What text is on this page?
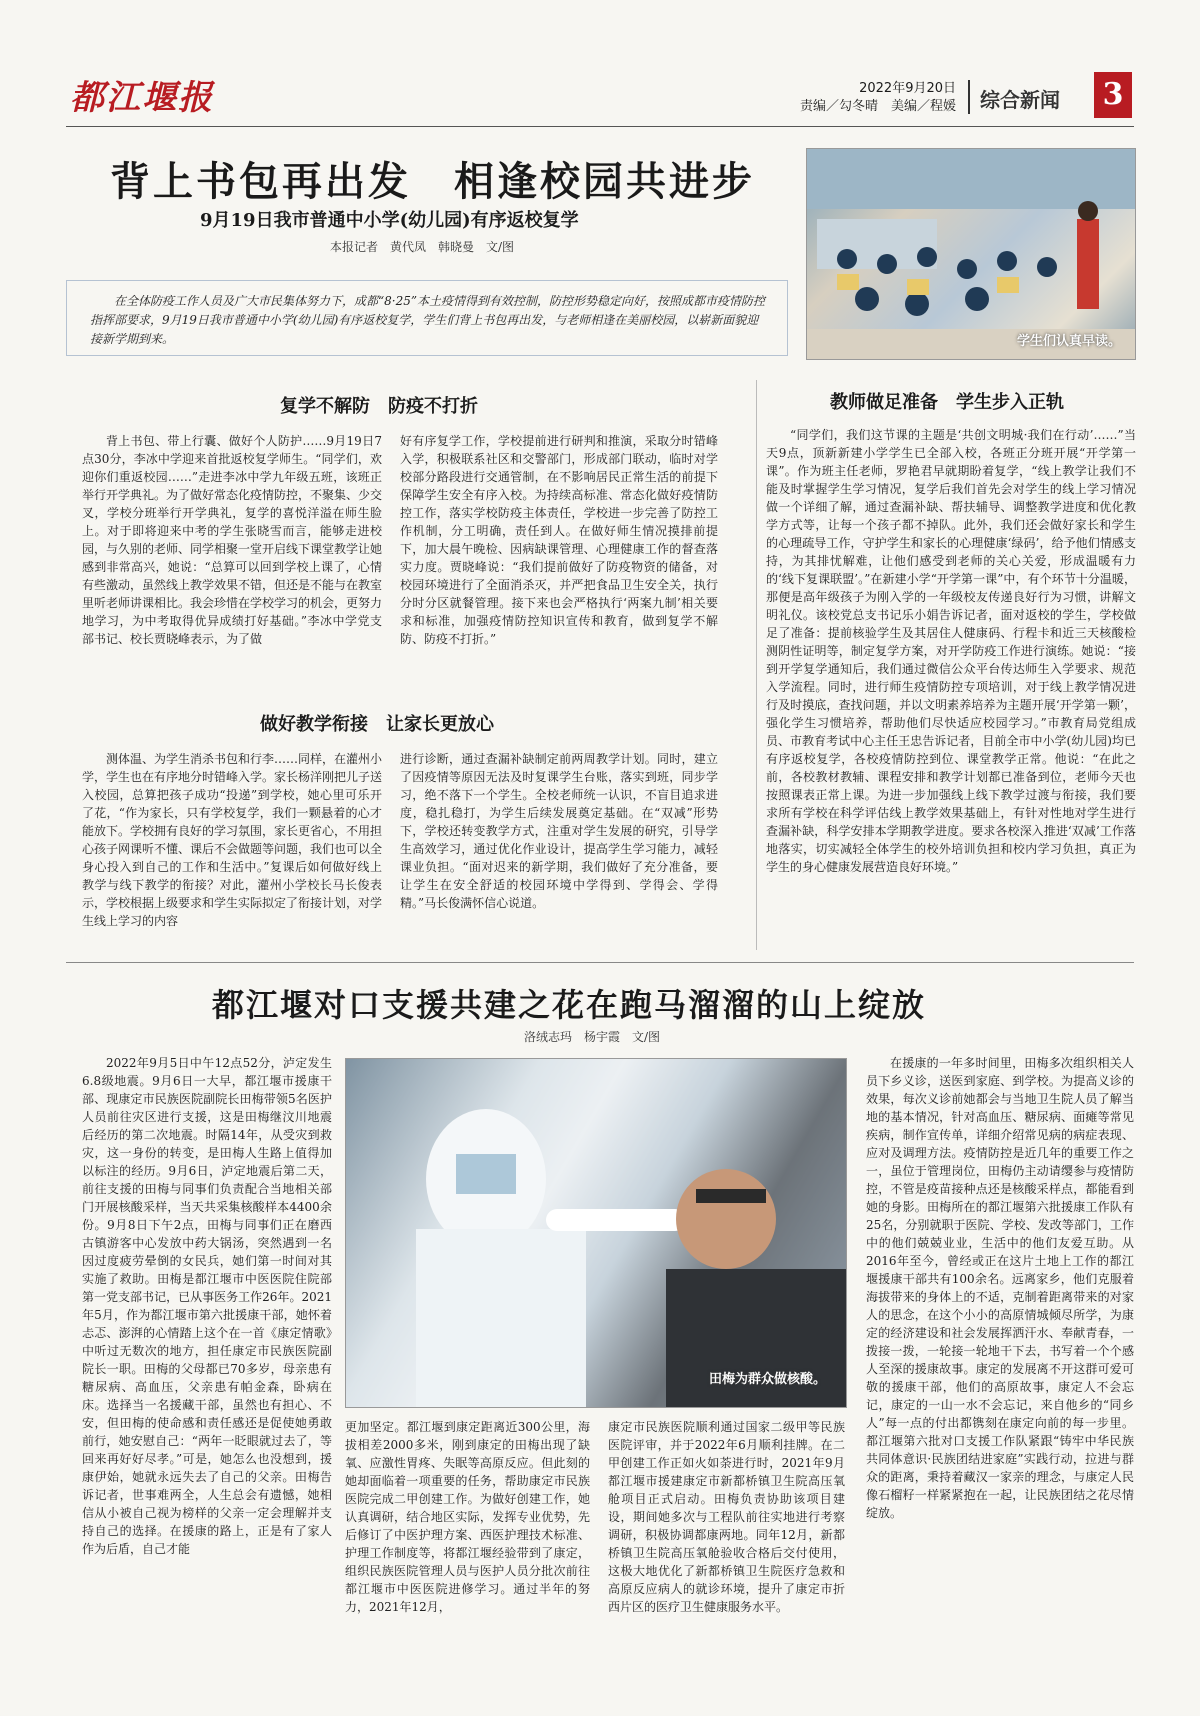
都江堰报	2022年9月20日
责编／勾冬晴　美编／程媛 综合新闻 3
背上书包再出发　相逢校园共进步
9月19日我市普通中小学(幼儿园)有序返校复学
本报记者　黄代凤　韩晓曼　文/图
在全体防疫工作人员及广大市民集体努力下，成都“8·25”本土疫情得到有效控制，防控形势稳定向好，按照成都市疫情防控指挥部要求，9月19日我市普通中小学(幼儿园)有序返校复学，学生们背上书包再出发，与老师相逢在美丽校园，以崭新面貌迎接新学期到来。	学生们认真早读。
复学不解防　防疫不打折

背上书包、带上行囊、做好个人防护……9月19日7点30分，李冰中学迎来首批返校复学师生。“同学们，欢迎你们重返校园……”走进李冰中学九年级五班，该班正举行开学典礼。为了做好常态化疫情防控，不聚集、少交叉，学校分班举行开学典礼，复学的喜悦洋溢在师生脸上。对于即将迎来中考的学生张晓雪而言，能够走进校园，与久别的老师、同学相聚一堂开启线下课堂教学让她感到非常高兴，她说：“总算可以回到学校上课了，心情有些激动，虽然线上教学效果不错，但还是不能与在教室里听老师讲课相比。我会珍惜在学校学习的机会，更努力地学习，为中考取得优异成绩打好基础。”李冰中学党支部书记、校长贾晓峰表示，为了做

好有序复学工作，学校提前进行研判和推演，采取分时错峰入学，积极联系社区和交警部门，形成部门联动，临时对学校部分路段进行交通管制，在不影响居民正常生活的前提下保障学生安全有序入校。为持续高标准、常态化做好疫情防控工作，落实学校防疫主体责任，学校进一步完善了防控工作机制，分工明确，责任到人。在做好师生情况摸排前提下，加大晨午晚检、因病缺课管理、心理健康工作的督查落实力度。贾晓峰说：“我们提前做好了防疫物资的储备，对校园环境进行了全面消杀灭，并严把食品卫生安全关，执行分时分区就餐管理。接下来也会严格执行‘两案九制’相关要求和标准，加强疫情防控知识宣传和教育，做到复学不解防、防疫不打折。”

做好教学衔接　让家长更放心

测体温、为学生消杀书包和行李……同样，在灌州小学，学生也在有序地分时错峰入学。家长杨洋刚把儿子送入校园，总算把孩子成功“投递”到学校，她心里可乐开了花，“作为家长，只有学校复学，我们一颗悬着的心才能放下。学校拥有良好的学习氛围，家长更省心，不用担心孩子网课听不懂、课后不会做题等问题，我们也可以全身心投入到自己的工作和生活中。”复课后如何做好线上教学与线下教学的衔接？对此，灌州小学校长马长俊表示，学校根据上级要求和学生实际拟定了衔接计划，对学生线上学习的内容

进行诊断，通过查漏补缺制定前两周教学计划。同时，建立了因疫情等原因无法及时复课学生台账，落实到班，同步学习，绝不落下一个学生。全校老师统一认识，不盲目追求进度，稳扎稳打，为学生后续发展奠定基础。在“双减”形势下，学校还转变教学方式，注重对学生发展的研究，引导学生高效学习，通过优化作业设计，提高学生学习能力，减轻课业负担。“面对迟来的新学期，我们做好了充分准备，要让学生在安全舒适的校园环境中学得到、学得会、学得精。”马长俊满怀信心说道。

教师做足准备　学生步入正轨

“同学们，我们这节课的主题是‘共创文明城·我们在行动’……”当天9点，顶新新建小学学生已全部入校，各班正分班开展“开学第一课”。作为班主任老师，罗艳君早就期盼着复学，“线上教学让我们不能及时掌握学生学习情况，复学后我们首先会对学生的线上学习情况做一个详细了解，通过查漏补缺、帮扶辅导、调整教学进度和优化教学方式等，让每一个孩子都不掉队。此外，我们还会做好家长和学生的心理疏导工作，守护学生和家长的心理健康‘绿码’，给予他们情感支持，为其排忧解难，让他们感受到老师的关心关爱，形成温暖有力的‘线下复课联盟’。”在新建小学“开学第一课”中，有个环节十分温暖，那便是高年级孩子为刚入学的一年级校友传递良好行为习惯，讲解文明礼仪。该校党总支书记乐小娟告诉记者，面对返校的学生，学校做足了准备：提前核验学生及其居住人健康码、行程卡和近三天核酸检测阴性证明等，制定复学方案，对开学防疫工作进行演练。她说：“接到开学复学通知后，我们通过微信公众平台传达师生入学要求、规范入学流程。同时，进行师生疫情防控专项培训，对于线上教学情况进行及时摸底，查找问题，并以文明素养培养为主题开展‘开学第一颗’，强化学生习惯培养，帮助他们尽快适应校园学习。”市教育局党组成员、市教育考试中心主任王忠告诉记者，目前全市中小学(幼儿园)均已有序返校复学，各校疫情防控到位、课堂教学正常。他说：“在此之前，各校教材教辅、课程安排和教学计划都已准备到位，老师今天也按照课表正常上课。为进一步加强线上线下教学过渡与衔接，我们要求所有学校在科学评估线上教学效果基础上，有针对性地对学生进行查漏补缺，科学安排本学期教学进度。要求各校深入推进‘双减’工作落地落实，切实减轻全体学生的校外培训负担和校内学习负担，真正为学生的身心健康发展营造良好环境。”

都江堰对口支援共建之花在跑马溜溜的山上绽放
洛绒志玛　杨宇霞　文/图

2022年9月5日中午12点52分，泸定发生6.8级地震。9月6日一大早，都江堰市援康干部、现康定市民族医院副院长田梅带领5名医护人员前往灾区进行支援，这是田梅继汶川地震后经历的第二次地震。时隔14年，从受灾到救灾，这一身份的转变，是田梅人生路上值得加以标注的经历。9月6日，泸定地震后第二天，前往支援的田梅与同事们负责配合当地相关部门开展核酸采样，当天共采集核酸样本4400余份。9月8日下午2点，田梅与同事们正在磨西古镇游客中心发放中药大锅汤，突然遇到一名因过度疲劳晕倒的女民兵，她们第一时间对其实施了救助。田梅是都江堰市中医医院住院部第一党支部书记，已从事医务工作26年。2021年5月，作为都江堰市第六批援康干部，她怀着忐忑、澎湃的心情踏上这个在一首《康定情歌》中听过无数次的地方，担任康定市民族医院副院长一职。田梅的父母都已70多岁，母亲患有糖尿病、高血压，父亲患有帕金森，卧病在床。选择当一名援藏干部，虽然也有担心、不安，但田梅的使命感和责任感还是促使她勇敢前行，她安慰自己：“两年一眨眼就过去了，等回来再好好尽孝。”可是，她怎么也没想到，援康伊始，她就永远失去了自己的父亲。田梅告诉记者，世事难两全，人生总会有遗憾，她相信从小被自己视为榜样的父亲一定会理解并支持自己的选择。在援康的路上，正是有了家人作为后盾，自己才能

田梅为群众做核酸。

更加坚定。都江堰到康定距离近300公里，海拔相差2000多米，刚到康定的田梅出现了缺氧、应激性胃疼、失眠等高原反应。但此刻的她却面临着一项重要的任务，帮助康定市民族医院完成二甲创建工作。为做好创建工作，她认真调研，结合地区实际，发挥专业优势，先后修订了中医护理方案、西医护理技术标准、护理工作制度等，将都江堰经验带到了康定，组织民族医院管理人员与医护人员分批次前往都江堰市中医医院进修学习。通过半年的努力，2021年12月，

康定市民族医院顺利通过国家二级甲等民族医院评审，并于2022年6月顺利挂牌。在二甲创建工作正如火如荼进行时，2021年9月都江堰市援建康定市新都桥镇卫生院高压氧舱项目正式启动。田梅负责协助该项目建设，期间她多次与工程队前往实地进行考察调研，积极协调都康两地。同年12月，新都桥镇卫生院高压氧舱验收合格后交付使用，这极大地优化了新都桥镇卫生院医疗急救和高原反应病人的就诊环境，提升了康定市折西片区的医疗卫生健康服务水平。

在援康的一年多时间里，田梅多次组织相关人员下乡义诊，送医到家庭、到学校。为提高义诊的效果，每次义诊前她都会与当地卫生院人员了解当地的基本情况，针对高血压、糖尿病、面瘫等常见疾病，制作宣传单，详细介绍常见病的病症表现、应对及调理方法。疫情防控是近几年的重要工作之一，虽位于管理岗位，田梅仍主动请缨参与疫情防控，不管是疫苗接种点还是核酸采样点，都能看到她的身影。田梅所在的都江堰第六批援康工作队有25名，分别就职于医院、学校、发改等部门，工作中的他们兢兢业业，生活中的他们友爱互助。从2016年至今，曾经或正在这片土地上工作的都江堰援康干部共有100余名。远离家乡，他们克服着海拔带来的身体上的不适，克制着距离带来的对家人的思念，在这个小小的高原情城倾尽所学，为康定的经济建设和社会发展挥洒汗水、奉献青春，一拨接一拨，一轮接一轮地干下去，书写着一个个感人至深的援康故事。康定的发展离不开这群可爱可敬的援康干部，他们的高原故事，康定人不会忘记，康定的一山一水不会忘记，来自他乡的“同乡人”每一点的付出都镌刻在康定向前的每一步里。都江堰第六批对口支援工作队紧跟“铸牢中华民族共同体意识·民族团结进家庭”实践行动，拉进与群众的距离，秉持着藏汉一家亲的理念，与康定人民像石榴籽一样紧紧抱在一起，让民族团结之花尽情绽放。
